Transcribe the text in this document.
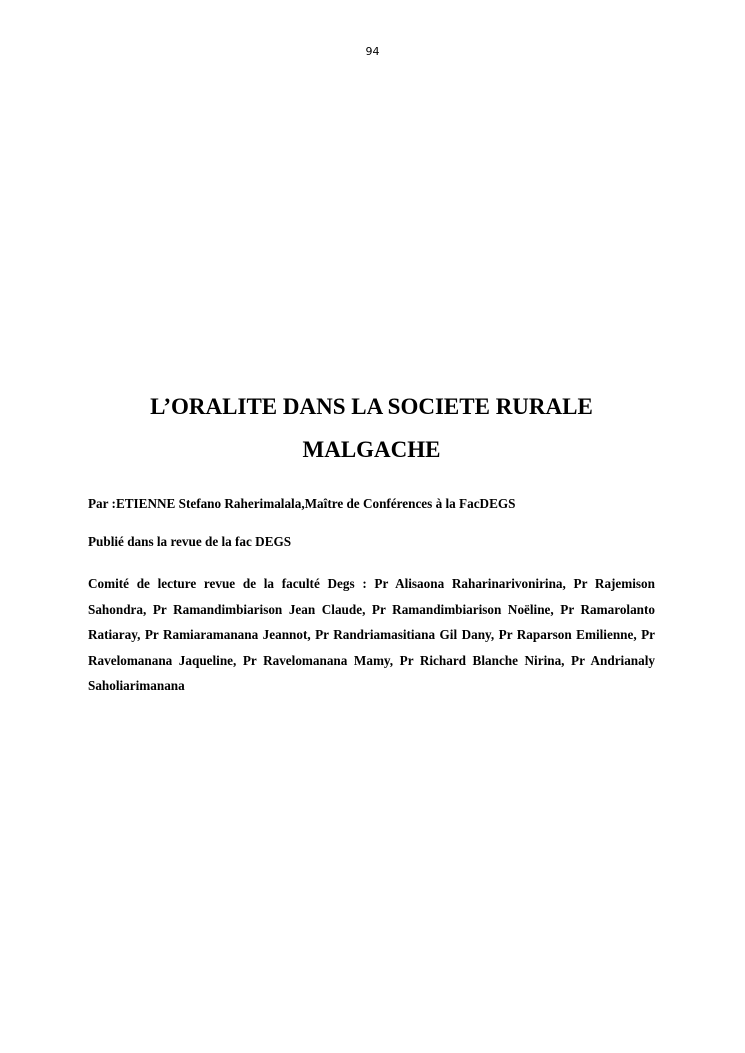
94
L’ORALITE DANS LA SOCIETE RURALE
MALGACHE

Par :ETIENNE Stefano Raherimalala,Maître de Conférences à la FacDEGS

Publié dans la revue de la fac DEGS

Comité de lecture revue de la faculté Degs : Pr Alisaona Raharinarivonirina, Pr Rajemison Sahondra, Pr Ramandimbiarison Jean Claude, Pr Ramandimbiarison Noëline, Pr Ramarolanto Ratiaray, Pr Ramiaramanana Jeannot, Pr Randriamasitiana Gil Dany, Pr Raparson Emilienne, Pr Ravelomanana Jaqueline, Pr Ravelomanana Mamy, Pr Richard Blanche Nirina, Pr Andrianaly Saholiarimanana
